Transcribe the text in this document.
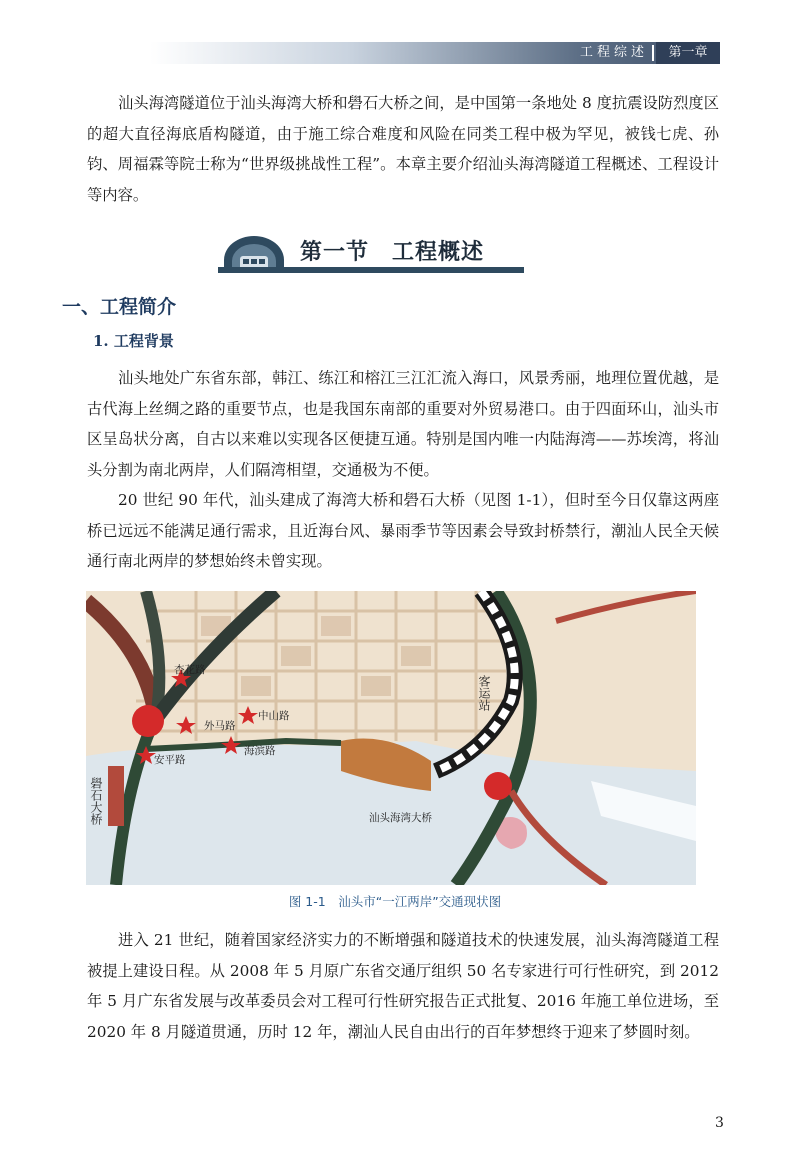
工程综述	第一章

汕头海湾隧道位于汕头海湾大桥和礐石大桥之间，是中国第一条地处 8 度抗震设防烈度区的超大直径海底盾构隧道，由于施工综合难度和风险在同类工程中极为罕见，被钱七虎、孙钧、周福霖等院士称为“世界级挑战性工程”。本章主要介绍汕头海湾隧道工程概述、工程设计等内容。

第一节　工程概述
一、工程简介
1. 工程背景

汕头地处广东省东部，韩江、练江和榕江三江汇流入海口，风景秀丽，地理位置优越，是古代海上丝绸之路的重要节点，也是我国东南部的重要对外贸易港口。由于四面环山，汕头市区呈岛状分离，自古以来难以实现各区便捷互通。特别是国内唯一内陆海湾——苏埃湾，将汕头分割为南北两岸，人们隔湾相望，交通极为不便。

20 世纪 90 年代，汕头建成了海湾大桥和礐石大桥（见图 1-1），但时至今日仅靠这两座桥已远远不能满足通行需求，且近海台风、暴雨季节等因素会导致封桥禁行，潮汕人民全天候通行南北两岸的梦想始终未曾实现。

杏花路
外马路
中山路
安平路
海滨路
客运站
礐石大桥	汕头海湾大桥
图 1-1　汕头市“一江两岸”交通现状图

进入 21 世纪，随着国家经济实力的不断增强和隧道技术的快速发展，汕头海湾隧道工程被提上建设日程。从 2008 年 5 月原广东省交通厅组织 50 名专家进行可行性研究，到 2012 年 5 月广东省发展与改革委员会对工程可行性研究报告正式批复、2016 年施工单位进场，至 2020 年 8 月隧道贯通，历时 12 年，潮汕人民自由出行的百年梦想终于迎来了梦圆时刻。

3
